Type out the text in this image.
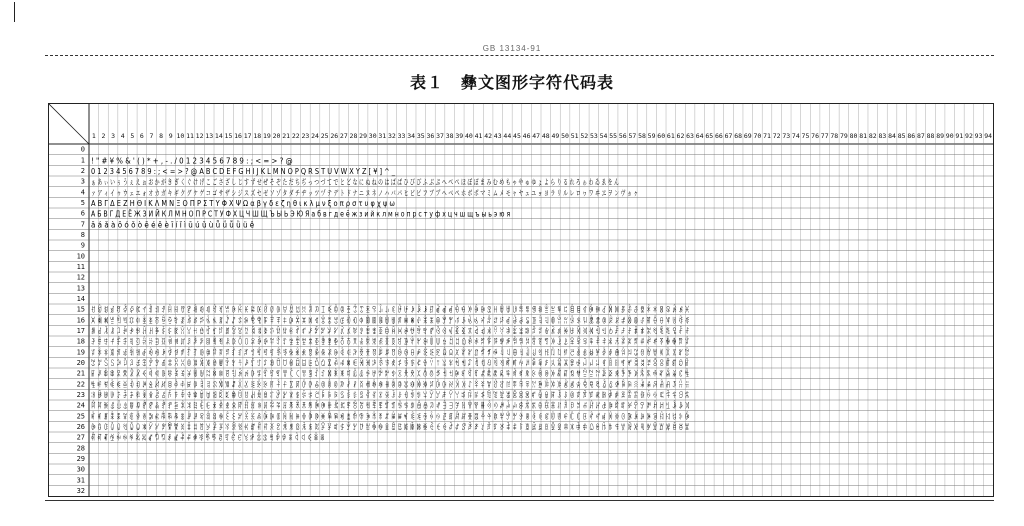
GB 13134-91
表１　彝文图形字符代码表
1 2 3 4 5 6 7 8 9 10 11 12 13 14 15 16 17 18 19 20 21 22 23 24 25 26 27 28 29 30 31 32 33 34 35 36 37 38 39 40 41 42 43 44 45 46 47 48 49 50 51 52 53 54 55 56 57 58 59 60 61 62 63 64 65 66 67 68 69 70 71 72 73 74 75 76 77 78 79 80 81 82 83 84 85 86 87 88 89 90 91 92 93 94
0
1
2
3
4
5
6
7
8
9
10
11
12
13
14
15
16
17
18
19
20
21
22
23
24
25
26
27
28
29
30
31
32
! " # ¥ % & ' ( ) * + , - . / 0 1 2 3 4 5 6 7 8 9 : ; < = > ? @
0 1 2 3 4 5 6 7 8 9 : ; < = > ? @ A B C D E F G H I J K L M N O P Q R S T U V W X Y Z [ ¥ ] ^ _
ぁ あ ぃ い ぅ う ぇ え ぉ お か が き ぎ く ぐ け げ こ ご さ ざ し じ す ず せ ぜ そ ぞ た だ ち ぢ っ つ づ て で と ど な に ぬ ね の は ば ぱ ひ び ぴ ふ ぶ ぷ へ べ ぺ ほ ぼ ぽ ま み む め も ゃ や ゅ ゆ ょ よ ら り る れ ろ ゎ わ ゐ ゑ を ん
ァ ア ィ イ ゥ ウ ェ エ ォ オ カ ガ キ ギ ク グ ケ ゲ コ ゴ サ ザ シ ジ ス ズ セ ゼ ソ ゾ タ ダ チ ヂ ッ ツ ヅ テ デ ト ド ナ ニ ヌ ネ ノ ハ バ パ ヒ ビ ピ フ ブ プ ヘ ベ ペ ホ ボ ポ マ ミ ム メ モ ャ ヤ ュ ユ ョ ヨ ラ リ ル レ ロ ヮ ワ ヰ ヱ ヲ ン ヴ ヵ ヶ
Α Β Γ Δ Ε Ζ Η Θ Ι Κ Λ Μ Ν Ξ Ο Π Ρ Σ Τ Υ Φ Χ Ψ Ω α β γ δ ε ζ η θ ι κ λ μ ν ξ ο π ρ σ τ υ φ χ ψ ω
А Б В Г Д Е Ё Ж З И Й К Л М Н О П Р С Т У Ф Х Ц Ч Ш Щ Ъ Ы Ь Э Ю Я а б в г д е ё ж з и й к л м н о п р с т у ф х ц ч ш щ ъ ы ь э ю я
ā á ǎ à ō ó ǒ ò ē é ě è ī í ǐ ì ū ú ǔ ù ǖ ǘ ǚ ǜ ü ê
ꀀ ꀁ ꀂ ꀃ ꀄ ꀅ ꀆ ꀇ ꀈ ꀉ ꀊ ꀋ ꀌ ꀍ ꀎ ꀏ ꀐ ꀑ ꀒ ꀓ ꀔ ꀕ ꀖ ꀗ ꀘ ꀙ ꀚ ꀛ ꀜ ꀝ ꀞ ꀟ ꀠ ꀡ ꀢ ꀣ ꀤ ꀥ ꀦ ꀧ ꀨ ꀩ ꀪ ꀫ ꀬ ꀭ ꀮ ꀯ ꀰ ꀱ ꀲ ꀳ ꀴ ꀵ ꀶ ꀷ ꀸ ꀹ ꀺ ꀻ ꀼ ꀽ ꀾ ꀿ ꁀ ꁁ ꁂ ꁃ ꁄ ꁅ ꁆ ꁇ ꁈ ꁉ ꁊ ꁋ ꁌ ꁍ ꁎ ꁏ ꁐ ꁑ ꁒ ꁓ ꁔ ꁕ ꁖ ꁗ ꁘ ꁙ ꁚ ꁛ ꁜ ꁝ
ꁞ ꁟ ꁠ ꁡ ꁢ ꁣ ꁤ ꁥ ꁦ ꁧ ꁨ ꁩ ꁪ ꁫ ꁬ ꁭ ꁮ ꁯ ꁰ ꁱ ꁲ ꁳ ꁴ ꁵ ꁶ ꁷ ꁸ ꁹ ꁺ ꁻ ꁼ ꁽ ꁾ ꁿ ꂀ ꂁ ꂂ ꂃ ꂄ ꂅ ꂆ ꂇ ꂈ ꂉ ꂊ ꂋ ꂌ ꂍ ꂎ ꂏ ꂐ ꂑ ꂒ ꂓ ꂔ ꂕ ꂖ ꂗ ꂘ ꂙ ꂚ ꂛ ꂜ ꂝ ꂞ ꂟ ꂠ ꂡ ꂢ ꂣ ꂤ ꂥ ꂦ ꂧ ꂨ ꂩ ꂪ ꂫ ꂬ ꂭ ꂮ ꂯ ꂰ ꂱ ꂲ ꂳ ꂴ ꂵ ꂶ ꂷ ꂸ ꂹ ꂺ ꂻ
ꂼ ꂽ ꂾ ꂿ ꃀ ꃁ ꃂ ꃃ ꃄ ꃅ ꃆ ꃇ ꃈ ꃉ ꃊ ꃋ ꃌ ꃍ ꃎ ꃏ ꃐ ꃑ ꃒ ꃓ ꃔ ꃕ ꃖ ꃗ ꃘ ꃙ ꃚ ꃛ ꃜ ꃝ ꃞ ꃟ ꃠ ꃡ ꃢ ꃣ ꃤ ꃥ ꃦ ꃧ ꃨ ꃩ ꃪ ꃫ ꃬ ꃭ ꃮ ꃯ ꃰ ꃱ ꃲ ꃳ ꃴ ꃵ ꃶ ꃷ ꃸ ꃹ ꃺ ꃻ ꃼ ꃽ ꃾ ꃿ ꄀ ꄁ ꄂ ꄃ ꄄ ꄅ ꄆ ꄇ ꄈ ꄉ ꄊ ꄋ ꄌ ꄍ ꄎ ꄏ ꄐ ꄑ ꄒ ꄓ ꄔ ꄕ ꄖ ꄗ ꄘ ꄙ
ꄚ ꄛ ꄜ ꄝ ꄞ ꄟ ꄠ ꄡ ꄢ ꄣ ꄤ ꄥ ꄦ ꄧ ꄨ ꄩ ꄪ ꄫ ꄬ ꄭ ꄮ ꄯ ꄰ ꄱ ꄲ ꄳ ꄴ ꄵ ꄶ ꄷ ꄸ ꄹ ꄺ ꄻ ꄼ ꄽ ꄾ ꄿ ꅀ ꅁ ꅂ ꅃ ꅄ ꅅ ꅆ ꅇ ꅈ ꅉ ꅊ ꅋ ꅌ ꅍ ꅎ ꅏ ꅐ ꅑ ꅒ ꅓ ꅔ ꅕ ꅖ ꅗ ꅘ ꅙ ꅚ ꅛ ꅜ ꅝ ꅞ ꅟ ꅠ ꅡ ꅢ ꅣ ꅤ ꅥ ꅦ ꅧ ꅨ ꅩ ꅪ ꅫ ꅬ ꅭ ꅮ ꅯ ꅰ ꅱ ꅲ ꅳ ꅴ ꅵ ꅶ ꅷ
ꅸ ꅹ ꅺ ꅻ ꅼ ꅽ ꅾ ꅿ ꆀ ꆁ ꆂ ꆃ ꆄ ꆅ ꆆ ꆇ ꆈ ꆉ ꆊ ꆋ ꆌ ꆍ ꆎ ꆏ ꆐ ꆑ ꆒ ꆓ ꆔ ꆕ ꆖ ꆗ ꆘ ꆙ ꆚ ꆛ ꆜ ꆝ ꆞ ꆟ ꆠ ꆡ ꆢ ꆣ ꆤ ꆥ ꆦ ꆧ ꆨ ꆩ ꆪ ꆫ ꆬ ꆭ ꆮ ꆯ ꆰ ꆱ ꆲ ꆳ ꆴ ꆵ ꆶ ꆷ ꆸ ꆹ ꆺ ꆻ ꆼ ꆽ ꆾ ꆿ ꇀ ꇁ ꇂ ꇃ ꇄ ꇅ ꇆ ꇇ ꇈ ꇉ ꇊ ꇋ ꇌ ꇍ ꇎ ꇏ ꇐ ꇑ ꇒ ꇓ ꇔ ꇕ
ꇖ ꇗ ꇘ ꇙ ꇚ ꇛ ꇜ ꇝ ꇞ ꇟ ꇠ ꇡ ꇢ ꇣ ꇤ ꇥ ꇦ ꇧ ꇨ ꇩ ꇪ ꇫ ꇬ ꇭ ꇮ ꇯ ꇰ ꇱ ꇲ ꇳ ꇴ ꇵ ꇶ ꇷ ꇸ ꇹ ꇺ ꇻ ꇼ ꇽ ꇾ ꇿ ꈀ ꈁ ꈂ ꈃ ꈄ ꈅ ꈆ ꈇ ꈈ ꈉ ꈊ ꈋ ꈌ ꈍ ꈎ ꈏ ꈐ ꈑ ꈒ ꈓ ꈔ ꈕ ꈖ ꈗ ꈘ ꈙ ꈚ ꈛ ꈜ ꈝ ꈞ ꈟ ꈠ ꈡ ꈢ ꈣ ꈤ ꈥ ꈦ ꈧ ꈨ ꈩ ꈪ ꈫ ꈬ ꈭ ꈮ ꈯ ꈰ ꈱ ꈲ ꈳ
ꈴ ꈵ ꈶ ꈷ ꈸ ꈹ ꈺ ꈻ ꈼ ꈽ ꈾ ꈿ ꉀ ꉁ ꉂ ꉃ ꉄ ꉅ ꉆ ꉇ ꉈ ꉉ ꉊ ꉋ ꉌ ꉍ ꉎ ꉏ ꉐ ꉑ ꉒ ꉓ ꉔ ꉕ ꉖ ꉗ ꉘ ꉙ ꉚ ꉛ ꉜ ꉝ ꉞ ꉟ ꉠ ꉡ ꉢ ꉣ ꉤ ꉥ ꉦ ꉧ ꉨ ꉩ ꉪ ꉫ ꉬ ꉭ ꉮ ꉯ ꉰ ꉱ ꉲ ꉳ ꉴ ꉵ ꉶ ꉷ ꉸ ꉹ ꉺ ꉻ ꉼ ꉽ ꉾ ꉿ ꊀ ꊁ ꊂ ꊃ ꊄ ꊅ ꊆ ꊇ ꊈ ꊉ ꊊ ꊋ ꊌ ꊍ ꊎ ꊏ ꊐ ꊑ
ꊒ ꊓ ꊔ ꊕ ꊖ ꊗ ꊘ ꊙ ꊚ ꊛ ꊜ ꊝ ꊞ ꊟ ꊠ ꊡ ꊢ ꊣ ꊤ ꊥ ꊦ ꊧ ꊨ ꊩ ꊪ ꊫ ꊬ ꊭ ꊮ ꊯ ꊰ ꊱ ꊲ ꊳ ꊴ ꊵ ꊶ ꊷ ꊸ ꊹ ꊺ ꊻ ꊼ ꊽ ꊾ ꊿ ꋀ ꋁ ꋂ ꋃ ꋄ ꋅ ꋆ ꋇ ꋈ ꋉ ꋊ ꋋ ꋌ ꋍ ꋎ ꋏ ꋐ ꋑ ꋒ ꋓ ꋔ ꋕ ꋖ ꋗ ꋘ ꋙ ꋚ ꋛ ꋜ ꋝ ꋞ ꋟ ꋠ ꋡ ꋢ ꋣ ꋤ ꋥ ꋦ ꋧ ꋨ ꋩ ꋪ ꋫ ꋬ ꋭ ꋮ ꋯ
ꋰ ꋱ ꋲ ꋳ ꋴ ꋵ ꋶ ꋷ ꋸ ꋹ ꋺ ꋻ ꋼ ꋽ ꋾ ꋿ ꌀ ꌁ ꌂ ꌃ ꌄ ꌅ ꌆ ꌇ ꌈ ꌉ ꌊ ꌋ ꌌ ꌍ ꌎ ꌏ ꌐ ꌑ ꌒ ꌓ ꌔ ꌕ ꌖ ꌗ ꌘ ꌙ ꌚ ꌛ ꌜ ꌝ ꌞ ꌟ ꌠ ꌡ ꌢ ꌣ ꌤ ꌥ ꌦ ꌧ ꌨ ꌩ ꌪ ꌫ ꌬ ꌭ ꌮ ꌯ ꌰ ꌱ ꌲ ꌳ ꌴ ꌵ ꌶ ꌷ ꌸ ꌹ ꌺ ꌻ ꌼ ꌽ ꌾ ꌿ ꍀ ꍁ ꍂ ꍃ ꍄ ꍅ ꍆ ꍇ ꍈ ꍉ ꍊ ꍋ ꍌ ꍍ
ꍎ ꍏ ꍐ ꍑ ꍒ ꍓ ꍔ ꍕ ꍖ ꍗ ꍘ ꍙ ꍚ ꍛ ꍜ ꍝ ꍞ ꍟ ꍠ ꍡ ꍢ ꍣ ꍤ ꍥ ꍦ ꍧ ꍨ ꍩ ꍪ ꍫ ꍬ ꍭ ꍮ ꍯ ꍰ ꍱ ꍲ ꍳ ꍴ ꍵ ꍶ ꍷ ꍸ ꍹ ꍺ ꍻ ꍼ ꍽ ꍾ ꍿ ꎀ ꎁ ꎂ ꎃ ꎄ ꎅ ꎆ ꎇ ꎈ ꎉ ꎊ ꎋ ꎌ ꎍ ꎎ ꎏ ꎐ ꎑ ꎒ ꎓ ꎔ ꎕ ꎖ ꎗ ꎘ ꎙ ꎚ ꎛ ꎜ ꎝ ꎞ ꎟ ꎠ ꎡ ꎢ ꎣ ꎤ ꎥ ꎦ ꎧ ꎨ ꎩ ꎪ ꎫ
ꎬ ꎭ ꎮ ꎯ ꎰ ꎱ ꎲ ꎳ ꎴ ꎵ ꎶ ꎷ ꎸ ꎹ ꎺ ꎻ ꎼ ꎽ ꎾ ꎿ ꏀ ꏁ ꏂ ꏃ ꏄ ꏅ ꏆ ꏇ ꏈ ꏉ ꏊ ꏋ ꏌ ꏍ ꏎ ꏏ ꏐ ꏑ ꏒ ꏓ ꏔ ꏕ ꏖ ꏗ ꏘ ꏙ ꏚ ꏛ ꏜ ꏝ ꏞ ꏟ ꏠ ꏡ ꏢ ꏣ ꏤ ꏥ ꏦ ꏧ ꏨ ꏩ ꏪ ꏫ ꏬ ꏭ ꏮ ꏯ ꏰ ꏱ ꏲ ꏳ ꏴ ꏵ ꏶ ꏷ ꏸ ꏹ ꏺ ꏻ ꏼ ꏽ ꏾ ꏿ ꐀ ꐁ ꐂ ꐃ ꐄ ꐅ ꐆ ꐇ ꐈ ꐉ
ꐊ ꐋ ꐌ ꐍ ꐎ ꐏ ꐐ ꐑ ꐒ ꐓ ꐔ ꐕ ꐖ ꐗ ꐘ ꐙ ꐚ ꐛ ꐜ ꐝ ꐞ ꐟ ꐠ ꐡ ꐢ ꐣ ꐤ ꐥ ꐦ ꐧ ꐨ ꐩ ꐪ ꐫ ꐬ ꐭ ꐮ ꐯ ꐰ ꐱ ꐲ ꐳ ꐴ ꐵ ꐶ ꐷ ꐸ ꐹ ꐺ ꐻ ꐼ ꐽ ꐾ ꐿ ꑀ ꑁ ꑂ ꑃ ꑄ ꑅ ꑆ ꑇ ꑈ ꑉ ꑊ ꑋ ꑌ ꑍ ꑎ ꑏ ꑐ ꑑ ꑒ ꑓ ꑔ ꑕ ꑖ ꑗ ꑘ ꑙ ꑚ ꑛ ꑜ ꑝ ꑞ ꑟ ꑠ ꑡ ꑢ ꑣ ꑤ ꑥ ꑦ ꑧ
ꑨ ꑩ ꑪ ꑫ ꑬ ꑭ ꑮ ꑯ ꑰ ꑱ ꑲ ꑳ ꑴ ꑵ ꑶ ꑷ ꑸ ꑹ ꑺ ꑻ ꑼ ꑽ ꑾ ꑿ ꒀ ꒁ ꒂ ꒃ ꒄ ꒅ ꒆ ꒇ ꒈ ꒉ ꒊ ꒋ ꒌ
